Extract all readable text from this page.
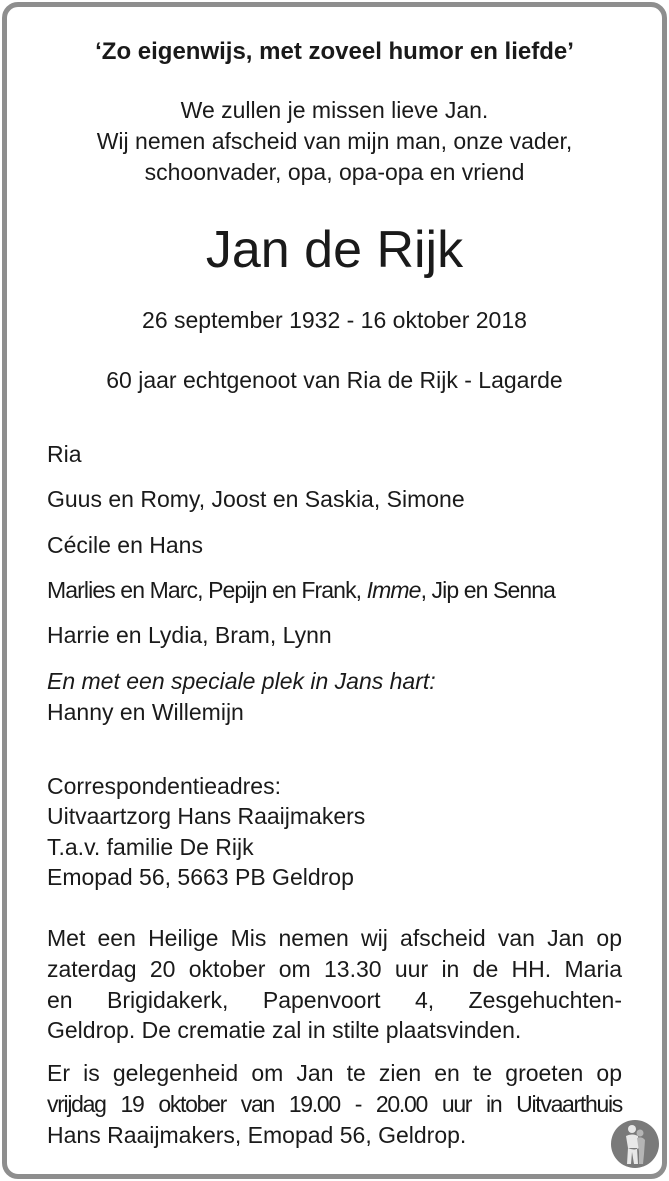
‘Zo eigenwijs, met zoveel humor en liefde’
We zullen je missen lieve Jan.
Wij nemen afscheid van mijn man, onze vader,
schoonvader, opa, opa-opa en vriend
Jan de Rijk
26 september 1932 - 16 oktober 2018
60 jaar echtgenoot van Ria de Rijk - Lagarde
Ria
Guus en Romy, Joost en Saskia, Simone
Cécile en Hans
Marlies en Marc, Pepijn en Frank, Imme, Jip en Senna
Harrie en Lydia, Bram, Lynn
En met een speciale plek in Jans hart:
Hanny en Willemijn
Correspondentieadres:
Uitvaartzorg Hans Raaijmakers
T.a.v. familie De Rijk
Emopad 56, 5663 PB Geldrop
Met een Heilige Mis nemen wij afscheid van Jan op
zaterdag 20 oktober om 13.30 uur in de HH. Maria
en Brigidakerk, Papenvoort 4, Zesgehuchten-
Geldrop. De crematie zal in stilte plaatsvinden.
Er is gelegenheid om Jan te zien en te groeten op
vrijdag 19 oktober van 19.00 - 20.00 uur in Uitvaarthuis
Hans Raaijmakers, Emopad 56, Geldrop.
